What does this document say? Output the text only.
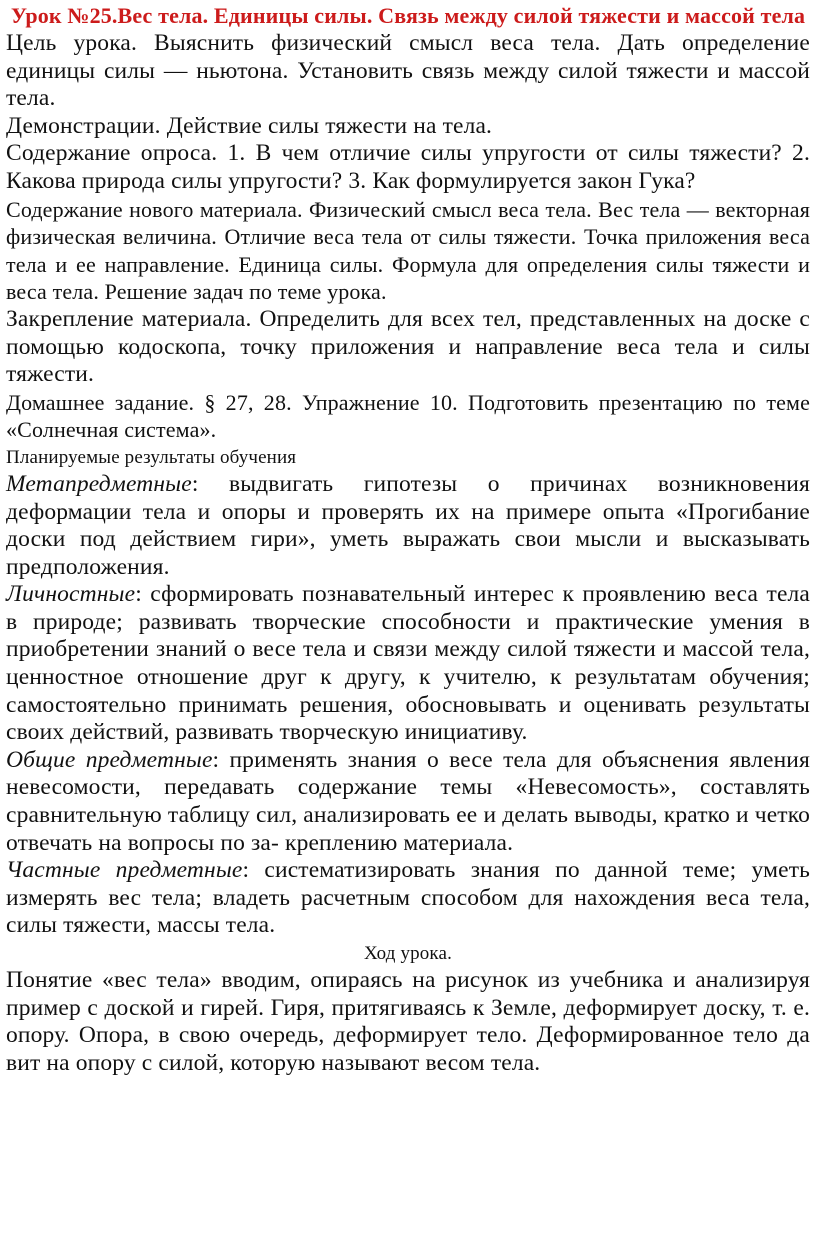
Урок №25.Вес тела. Единицы силы. Связь между силой тяжести и массой тела

Цель урока. Выяснить физический смысл веса тела. Дать определение единицы силы — ньютона. Установить связь между силой тяжести и массой тела.

Демонстрации. Действие силы тяжести на тела.

Содержание опроса. 1. В чем отличие силы упругости от силы тяжести? 2. Какова природа силы упругости? 3. Как формулируется закон Гука?

Содержание нового материала. Физический смысл веса тела. Вес тела — векторная физическая величина. Отличие веса тела от силы тяжести. Точка приложения веса тела и ее направление. Единица силы. Формула для определения силы тяжести и веса тела. Решение задач по теме урока.

Закрепление материала. Определить для всех тел, представленных на доске с помощью кодоскопа, точку приложения и направление веса тела и силы тяжести.

Домашнее задание. § 27, 28. Упражнение 10. Подготовить презентацию по теме «Солнечная система».

Планируемые результаты обучения

Метапредметные: выдвигать гипотезы о причинах возникновения деформации тела и опоры и проверять их на примере опыта «Прогибание доски под действием гири», уметь выражать свои мысли и высказывать предположения.

Личностные: сформировать познавательный интерес к проявлению веса тела в природе; развивать творческие способности и практические умения в приобретении знаний о весе тела и связи между силой тяжести и массой тела, ценностное отношение друг к другу, к учителю, к результатам обучения; самостоятельно принимать решения, обосновывать и оценивать результаты своих действий, развивать творческую инициативу.

Общие предметные: применять знания о весе тела для объяснения явления невесомости, передавать содержание темы «Невесомость», составлять сравнительную таблицу сил, анализировать ее и делать выводы, кратко и четко отвечать на вопросы по за- креплению материала.

Частные предметные: систематизировать знания по данной теме; уметь измерять вес тела; владеть расчетным способом для нахождения веса тела, силы тяжести, массы тела.

Ход урока.

Понятие «вес тела» вводим, опираясь на рисунок из учебника и анализируя пример с доской и гирей. Гиря, притягиваясь к Земле, деформирует доску, т. е. опору. Опора, в свою очередь, деформирует тело. Деформированное тело да вит на опору с силой, которую называют весом тела.
